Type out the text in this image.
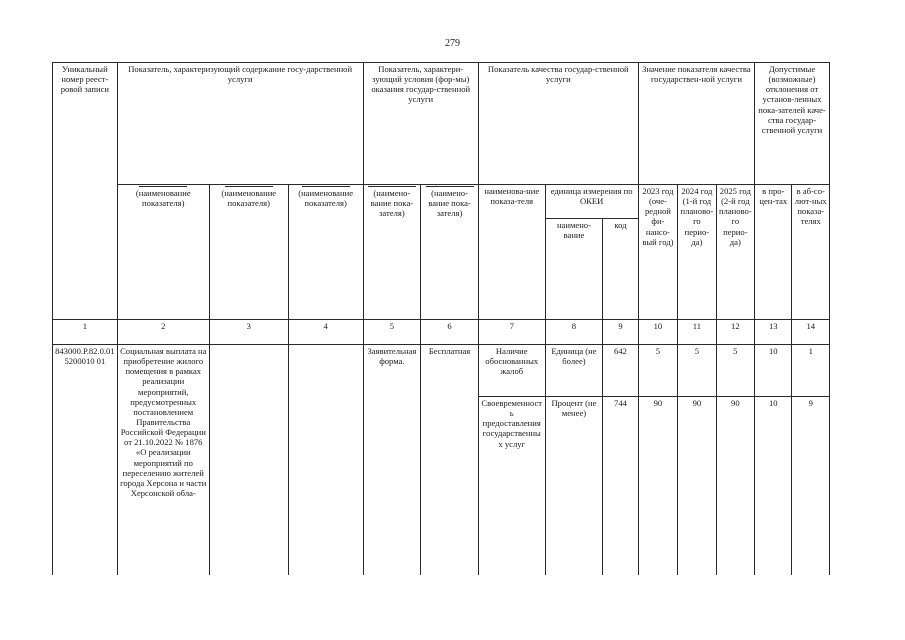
279
Уникальный номер реест-ровой записи	Показатель, характеризующий содержание госу-дарственной услуги			Показатель, характери-зующий условия (фор-мы) оказания государ-ственной услуги		Показатель качества государ-ственной услуги			Значение показателя качества государствен-ной услуги			Допустимые (возможные) отклонения от установ-ленных пока-зателей каче-ства государ-ственной услуги	

	(наименование показателя)	(наименование показателя)	(наименование показателя)	(наимено-вание пока-зателя)	(наимено-вание пока-зателя)	наименова-ние показа-теля	единица измерения по ОКЕИ		2023 год (оче-редной фи-нансо-вый год)	2024 год (1-й год планово-го перио-да)	2025 год (2-й год планово-го перио-да)	в про-цен-тах	в аб-со-лют-ных показа-телях
							наимено-вание	код					
1	2	3	4	5	6	7	8	9	10	11	12	13	14
843000.Р.82.0.015200010 01	Социальная выплата на приобретение жилого помещения в рамках реализации мероприятий, предусмотренных постановлением Правительства Российской Федерации от 21.10.2022 № 1876 «О реализации мероприятий по переселению жителей города Херсона и части Херсонской обла-			Заявительная форма.	Бесплатная	Наличие обоснованных жалоб	Единица (не более)	642	5	5	5	10	1
						Своевременность предоставления государственных услуг	Процент (не менее)	744	90	90	90	10	9
